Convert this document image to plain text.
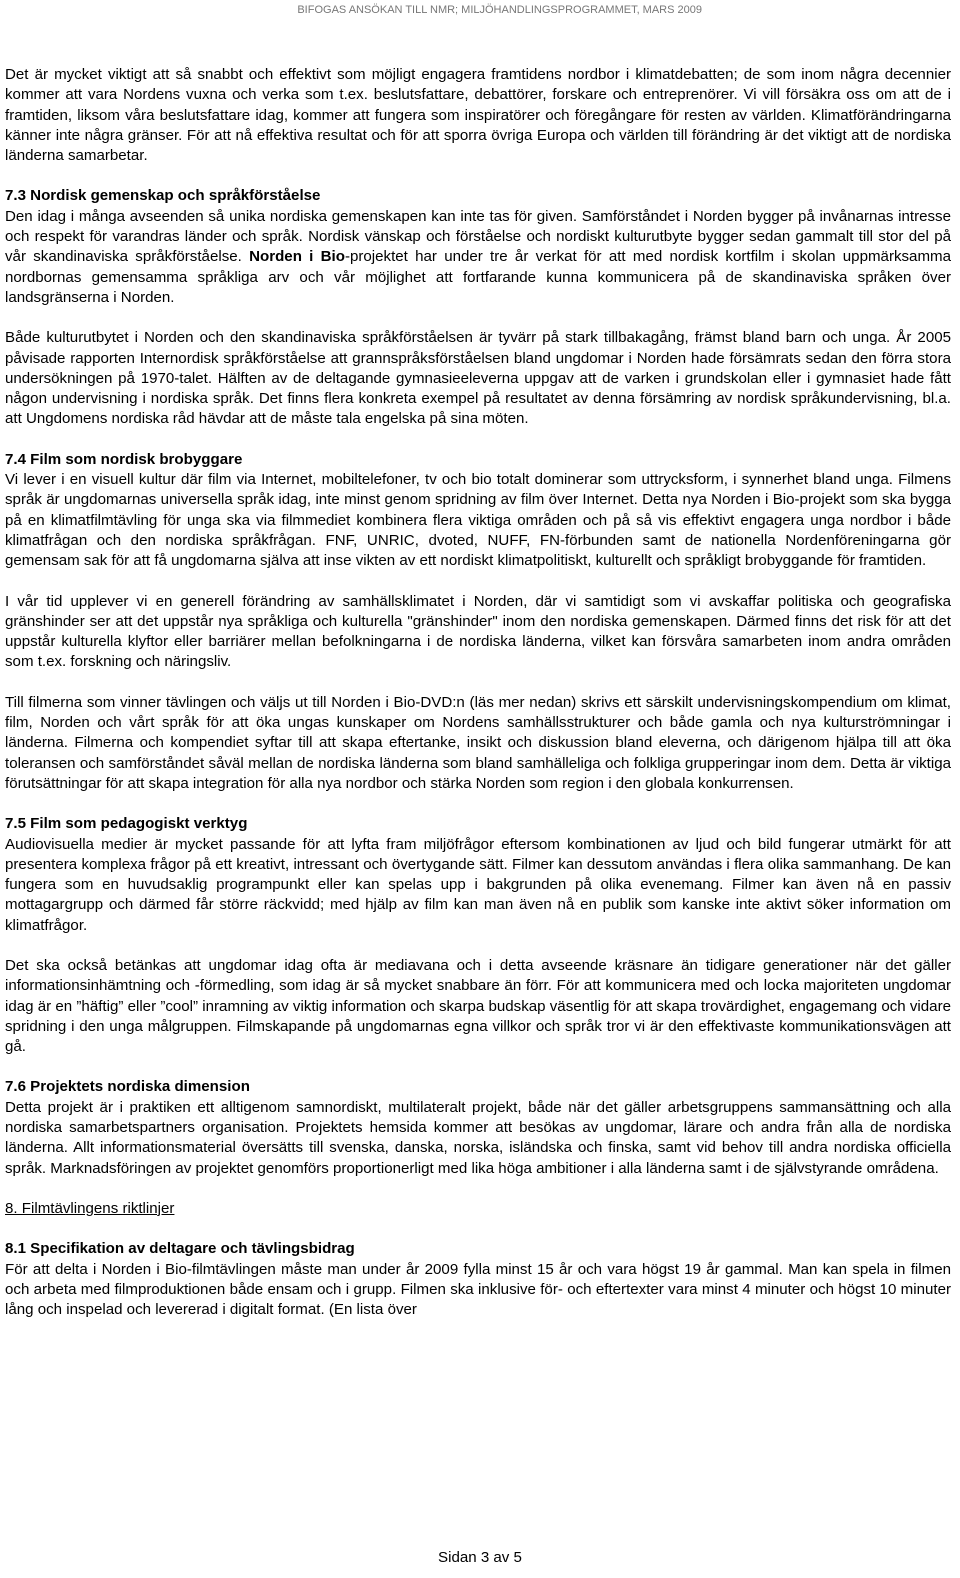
BIFOGAS ANSÖKAN TILL NMR; MILJÖHANDLINGSPROGRAMMET, MARS 2009

Det är mycket viktigt att så snabbt och effektivt som möjligt engagera framtidens nordbor i klimatdebatten; de som inom några decennier kommer att vara Nordens vuxna och verka som t.ex. beslutsfattare, debattörer, forskare och entreprenörer. Vi vill försäkra oss om att de i framtiden, liksom våra beslutsfattare idag, kommer att fungera som inspiratörer och föregångare för resten av världen. Klimatförändringarna känner inte några gränser. För att nå effektiva resultat och för att sporra övriga Europa och världen till förändring är det viktigt att de nordiska länderna samarbetar.

7.3 Nordisk gemenskap och språkförståelse

Den idag i många avseenden så unika nordiska gemenskapen kan inte tas för given. Samförståndet i Norden bygger på invånarnas intresse och respekt för varandras länder och språk. Nordisk vänskap och förståelse och nordiskt kulturutbyte bygger sedan gammalt till stor del på vår skandinaviska språkförståelse. Norden i Bio-projektet har under tre år verkat för att med nordisk kortfilm i skolan uppmärksamma nordbornas gemensamma språkliga arv och vår möjlighet att fortfarande kunna kommunicera på de skandinaviska språken över landsgränserna i Norden.

Både kulturutbytet i Norden och den skandinaviska språkförståelsen är tyvärr på stark tillbakagång, främst bland barn och unga. År 2005 påvisade rapporten Internordisk språkförståelse att grannspråksförståelsen bland ungdomar i Norden hade försämrats sedan den förra stora undersökningen på 1970-talet. Hälften av de deltagande gymnasieeleverna uppgav att de varken i grundskolan eller i gymnasiet hade fått någon undervisning i nordiska språk. Det finns flera konkreta exempel på resultatet av denna försämring av nordisk språkundervisning, bl.a. att Ungdomens nordiska råd hävdar att de måste tala engelska på sina möten.

7.4 Film som nordisk brobyggare

Vi lever i en visuell kultur där film via Internet, mobiltelefoner, tv och bio totalt dominerar som uttrycksform, i synnerhet bland unga. Filmens språk är ungdomarnas universella språk idag, inte minst genom spridning av film över Internet. Detta nya Norden i Bio-projekt som ska bygga på en klimatfilmtävling för unga ska via filmmediet kombinera flera viktiga områden och på så vis effektivt engagera unga nordbor i både klimatfrågan och den nordiska språkfrågan. FNF, UNRIC, dvoted, NUFF, FN-förbunden samt de nationella Nordenföreningarna gör gemensam sak för att få ungdomarna själva att inse vikten av ett nordiskt klimatpolitiskt, kulturellt och språkligt brobyggande för framtiden.

I vår tid upplever vi en generell förändring av samhällsklimatet i Norden, där vi samtidigt som vi avskaffar politiska och geografiska gränshinder ser att det uppstår nya språkliga och kulturella "gränshinder" inom den nordiska gemenskapen. Därmed finns det risk för att det uppstår kulturella klyftor eller barriärer mellan befolkningarna i de nordiska länderna, vilket kan försvåra samarbeten inom andra områden som t.ex. forskning och näringsliv.

Till filmerna som vinner tävlingen och väljs ut till Norden i Bio-DVD:n (läs mer nedan) skrivs ett särskilt undervisningskompendium om klimat, film, Norden och vårt språk för att öka ungas kunskaper om Nordens samhällsstrukturer och både gamla och nya kulturströmningar i länderna. Filmerna och kompendiet syftar till att skapa eftertanke, insikt och diskussion bland eleverna, och därigenom hjälpa till att öka toleransen och samförståndet såväl mellan de nordiska länderna som bland samhälleliga och folkliga grupperingar inom dem. Detta är viktiga förutsättningar för att skapa integration för alla nya nordbor och stärka Norden som region i den globala konkurrensen.

7.5 Film som pedagogiskt verktyg

Audiovisuella medier är mycket passande för att lyfta fram miljöfrågor eftersom kombinationen av ljud och bild fungerar utmärkt för att presentera komplexa frågor på ett kreativt, intressant och övertygande sätt. Filmer kan dessutom användas i flera olika sammanhang. De kan fungera som en huvudsaklig programpunkt eller kan spelas upp i bakgrunden på olika evenemang. Filmer kan även nå en passiv mottagargrupp och därmed får större räckvidd; med hjälp av film kan man även nå en publik som kanske inte aktivt söker information om klimatfrågor.

Det ska också betänkas att ungdomar idag ofta är mediavana och i detta avseende kräsnare än tidigare generationer när det gäller informationsinhämtning och -förmedling, som idag är så mycket snabbare än förr. För att kommunicera med och locka majoriteten ungdomar idag är en ”häftig” eller ”cool” inramning av viktig information och skarpa budskap väsentlig för att skapa trovärdighet, engagemang och vidare spridning i den unga målgruppen. Filmskapande på ungdomarnas egna villkor och språk tror vi är den effektivaste kommunikationsvägen att gå.

7.6 Projektets nordiska dimension

Detta projekt är i praktiken ett alltigenom samnordiskt, multilateralt projekt, både när det gäller arbetsgruppens sammansättning och alla nordiska samarbetspartners organisation. Projektets hemsida kommer att besökas av ungdomar, lärare och andra från alla de nordiska länderna. Allt informationsmaterial översätts till svenska, danska, norska, isländska och finska, samt vid behov till andra nordiska officiella språk. Marknadsföringen av projektet genomförs proportionerligt med lika höga ambitioner i alla länderna samt i de självstyrande områdena.

8. Filmtävlingens riktlinjer

8.1 Specifikation av deltagare och tävlingsbidrag

För att delta i Norden i Bio-filmtävlingen måste man under år 2009 fylla minst 15 år och vara högst 19 år gammal. Man kan spela in filmen och arbeta med filmproduktionen både ensam och i grupp. Filmen ska inklusive för- och eftertexter vara minst 4 minuter och högst 10 minuter lång och inspelad och levererad i digitalt format. (En lista över

Sidan 3 av 5
